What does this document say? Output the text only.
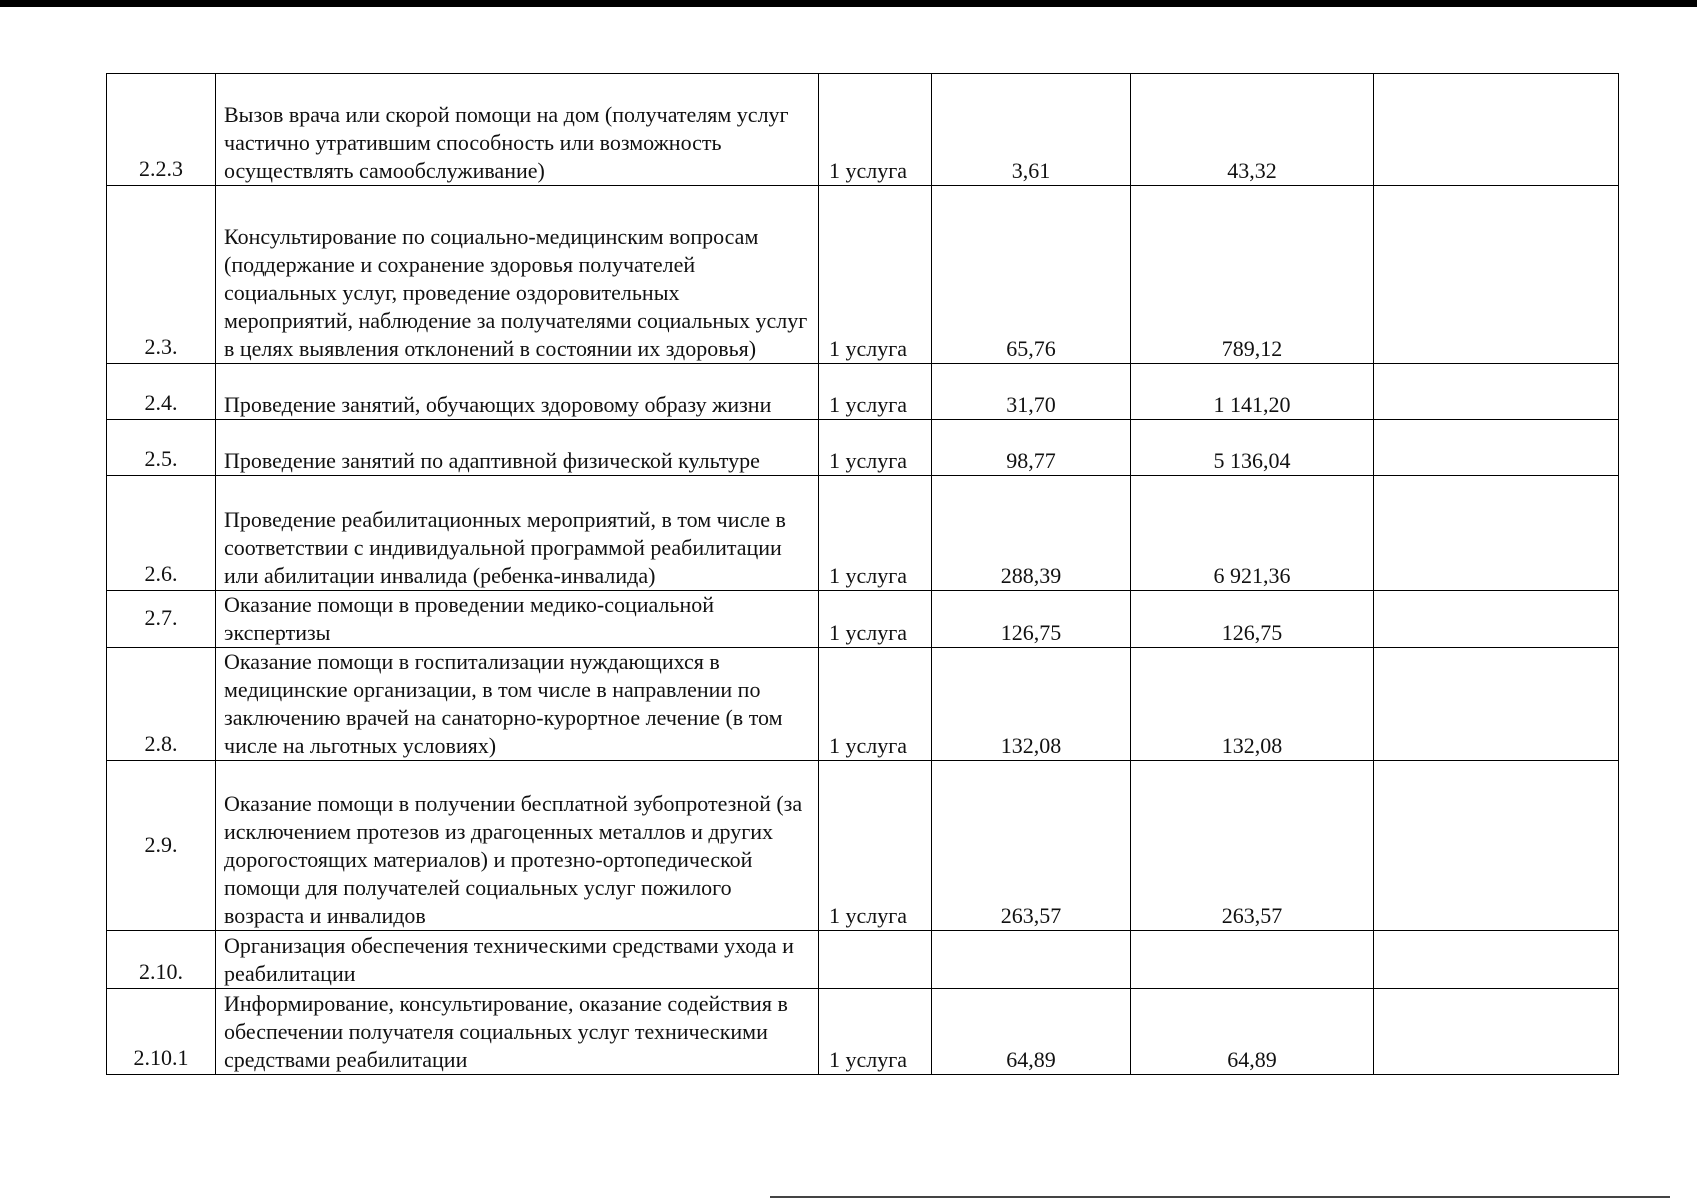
2.2.3	Вызов врача или скорой помощи на дом (получателям услуг частично утратившим способность или возможность осуществлять самообслуживание)	1 услуга	3,61	43,32	
2.3.	Консультирование по социально-медицинским вопросам (поддержание и сохранение здоровья получателей социальных услуг, проведение оздоровительных мероприятий, наблюдение за получателями социальных услуг в целях выявления отклонений в состоянии их здоровья)	1 услуга	65,76	789,12	
2.4.	Проведение занятий, обучающих здоровому образу жизни	1 услуга	31,70	1 141,20	
2.5.	Проведение занятий по адаптивной физической культуре	1 услуга	98,77	5 136,04	
2.6.	Проведение реабилитационных мероприятий, в том числе в соответствии с индивидуальной программой реабилитации или абилитации инвалида (ребенка-инвалида)	1 услуга	288,39	6 921,36	
2.7.	Оказание помощи в проведении медико-социальной экспертизы	1 услуга	126,75	126,75	
2.8.	Оказание помощи в госпитализации нуждающихся в медицинские организации, в том числе в направлении по заключению врачей на санаторно-курортное лечение (в том числе на льготных условиях)	1 услуга	132,08	132,08	
2.9.	Оказание помощи в получении бесплатной зубопротезной (за исключением протезов из драгоценных металлов и других дорогостоящих материалов) и протезно-ортопедической помощи для получателей социальных услуг пожилого возраста и инвалидов	1 услуга	263,57	263,57	
2.10.	Организация обеспечения техническими средствами ухода и реабилитации				
2.10.1	Информирование, консультирование, оказание содействия в обеспечении получателя социальных услуг техническими средствами реабилитации	1 услуга	64,89	64,89	
